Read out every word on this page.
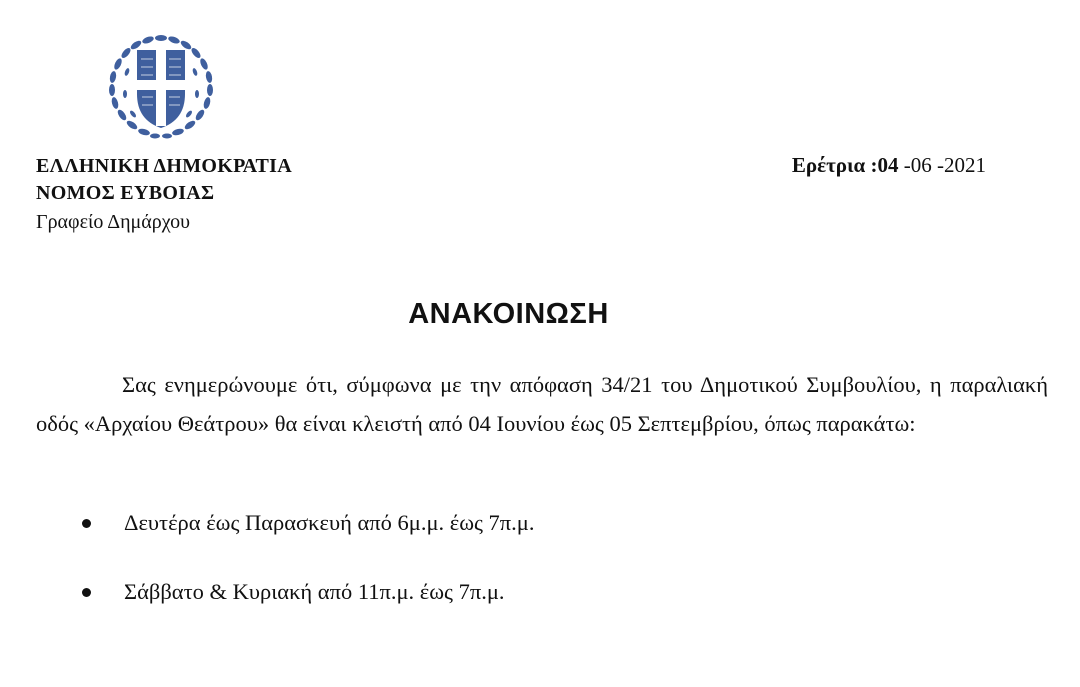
ΕΛΛΗΝΙΚΗ ΔΗΜΟΚΡΑΤΙΑ
ΝΟΜΟΣ ΕΥΒΟΙΑΣ
Γραφείο Δημάρχου
Ερέτρια :04 -06 -2021
ΑΝΑΚΟΙΝΩΣΗ

Σας ενημερώνουμε ότι, σύμφωνα με την απόφαση 34/21 του Δημοτικού Συμβουλίου, η παραλιακή οδός «Αρχαίου Θεάτρου» θα είναι κλειστή από 04 Ιουνίου έως 05 Σεπτεμβρίου, όπως παρακάτω:

Δευτέρα έως Παρασκευή από 6μ.μ. έως 7π.μ.
Σάββατο & Κυριακή από 11π.μ. έως 7π.μ.
